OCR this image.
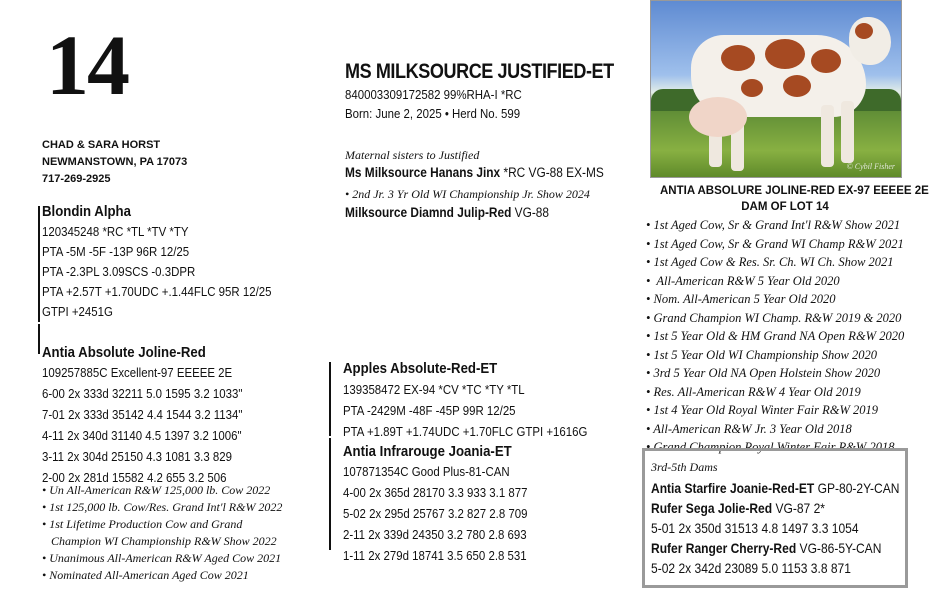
14
CHAD & SARA HORST
NEWMANSTOWN, PA 17073
717-269-2925
MS MILKSOURCE JUSTIFIED-ET
840003309172582 99%RHA-I *RC
Born: June 2, 2025 • Herd No. 599
Maternal sisters to Justified
Ms Milksource Hanans Jinx *RC VG-88 EX-MS
• 2nd Jr. 3 Yr Old WI Championship Jr. Show 2024
Milksource Diamnd Julip-Red VG-88
Blondin Alpha
120345248 *RC *TL *TV *TY
PTA -5M -5F -13P 96R 12/25
PTA -2.3PL 3.09SCS -0.3DPR
PTA +2.57T +1.70UDC +.1.44FLC 95R 12/25
GTPI +2451G
Antia Absolute Joline-Red
109257885C Excellent-97 EEEEE 2E
6-00 2x 333d 32211 5.0 1595 3.2 1033"
7-01 2x 333d 35142 4.4 1544 3.2 1134"
4-11 2x 340d 31140 4.5 1397 3.2 1006"
3-11 2x 304d 25150 4.3 1081 3.3 829
2-00 2x 281d 15582 4.2 655 3.2 506
• Un All-American R&W 125,000 lb. Cow 2022
• 1st 125,000 lb. Cow/Res. Grand Int'l R&W 2022
• 1st Lifetime Production Cow and Grand
Champion WI Championship R&W Show 2022
• Unanimous All-American R&W Aged Cow 2021
• Nominated All-American Aged Cow 2021
Apples Absolute-Red-ET
139358472 EX-94 *CV *TC *TY *TL
PTA -2429M -48F -45P 99R 12/25
PTA +1.89T +1.74UDC +1.70FLC GTPI +1616G
Antia Infrarouge Joania-ET
107871354C Good Plus-81-CAN
4-00 2x 365d 28170 3.3 933 3.1 877
5-02 2x 295d 25767 3.2 827 2.8 709
2-11 2x 339d 24350 3.2 780 2.8 693
1-11 2x 279d 18741 3.5 650 2.8 531
© Cybil Fisher
ANTIA ABSOLURE JOLINE-RED EX-97 EEEEE 2E
DAM OF LOT 14
• 1st Aged Cow, Sr & Grand Int'l R&W Show 2021
• 1st Aged Cow, Sr & Grand WI Champ R&W 2021
• 1st Aged Cow & Res. Sr. Ch. WI Ch. Show 2021
•  All-American R&W 5 Year Old 2020
• Nom. All-American 5 Year Old 2020
• Grand Champion WI Champ. R&W 2019 & 2020
• 1st 5 Year Old & HM Grand NA Open R&W 2020
• 1st 5 Year Old WI Championship Show 2020
• 3rd 5 Year Old NA Open Holstein Show 2020
• Res. All-American R&W 4 Year Old 2019
• 1st 4 Year Old Royal Winter Fair R&W 2019
• All-American R&W Jr. 3 Year Old 2018
• Grand Champion Royal Winter Fair R&W 2018
3rd-5th Dams
Antia Starfire Joanie-Red-ET GP-80-2Y-CAN
Rufer Sega Jolie-Red VG-87 2*
5-01 2x 350d 31513 4.8 1497 3.3 1054
Rufer Ranger Cherry-Red VG-86-5Y-CAN
5-02 2x 342d 23089 5.0 1153 3.8 871
